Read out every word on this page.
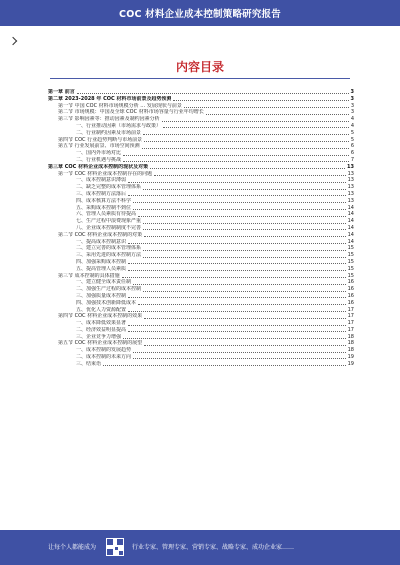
COC 材料企业成本控制策略研究报告
内容目录
第一章 前言	3
第二章 2023-2028 年 COC 材料市场前景及趋势预测	3
第一节 中国 COC 材料市场规模分析 … 发展现状与前景	3
第二节 市场规模：中国及全球 COC 材料市场容量与行业年均增长	3
第三节 影响因素等：推动因素及制约因素分析	4
一、行业推动因素（市场需求与政策）	4
二、行业制约因素及市场前景	5
第四节 COC 行业趋势判断与市场前景	5
第五节 行业发展前景、市场空间预测	6
一、国内外市场对比	6
二、行业机遇与挑战	7
第三章 COC 材料企业成本控制的现状及对策	13
第一节 COC 材料企业成本控制存在的问题	13
一、成本控制意识薄弱	13
二、缺乏完整的成本管理体系	13
三、成本控制方法落后	13
四、成本核算方法不科学	13
五、采购成本控制不到位	14
六、管理人员素质有待提高	14
七、生产过程中浪费现象严重	14
八、企业成本控制制度不完善	14
第二节 COC 材料企业成本控制的对策	14
一、提高成本控制意识	14
二、建立完善的成本管理体系	15
三、采用先进的成本控制方法	15
四、加强采购成本控制	15
五、提高管理人员素质	15
第三节 成本控制的具体措施	15
一、建立健全成本责任制	16
二、加强生产过程的成本控制	16
三、加强质量成本控制	16
四、加强技术创新降低成本	16
五、优化人力资源配置	17
第四节 COC 材料企业成本控制的效果	17
一、成本降低效果显著	17
二、经济效益明显提高	17
三、企业竞争力增强	18
第五节 COC 材料企业成本控制的展望	18
一、成本控制的发展趋势	18
二、成本控制的未来方向	19
三、结束语	19
让每个人都能成为	行业专家、管理专家、营销专家、战略专家、成功企业家……
